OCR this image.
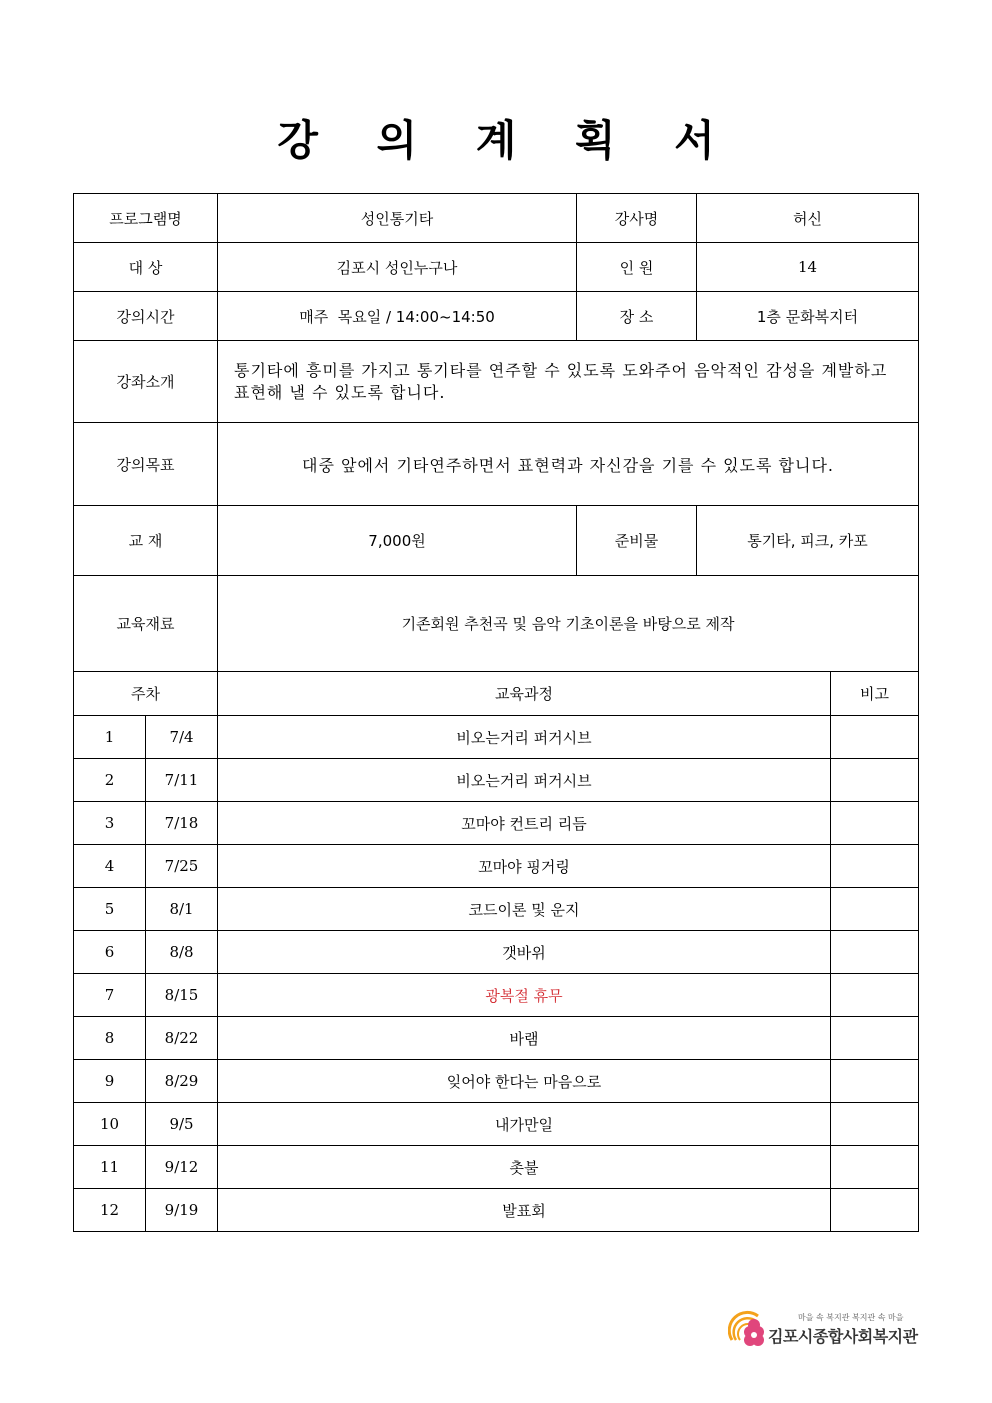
강 의 계 획 서
프로그램명		성인통기타	강사명	허신	
대 상		김포시 성인누구나	인 원	14	
강의시간		매주  목요일 / 14:00~14:50	장 소	1층 문화복지터	
강좌소개		통기타에 흥미를 가지고 통기타를 연주할 수 있도록 도와주어 음악적인 감성을 계발하고 표현해 낼 수 있도록 합니다.			
강의목표		대중 앞에서 기타연주하면서 표현력과 자신감을 기를 수 있도록 합니다.			
교 재		7,000원	준비물	통기타, 피크, 카포	
교육재료		기존회원 추천곡 및 음악 기초이론을 바탕으로 제작			
주차		교육과정			비고
1	7/4	비오는거리 퍼거시브			
2	7/11	비오는거리 퍼거시브			
3	7/18	꼬마야 컨트리 리듬			
4	7/25	꼬마야 핑거링			
5	8/1	코드이론 및 운지			
6	8/8	갯바위			
7	8/15	광복절 휴무			
8	8/22	바램			
9	8/29	잊어야 한다는 마음으로			
10	9/5	내가만일			
11	9/12	촛불			
12	9/19	발표회			
마을 속 복지관 복지관 속 마을
김포시종합사회복지관
